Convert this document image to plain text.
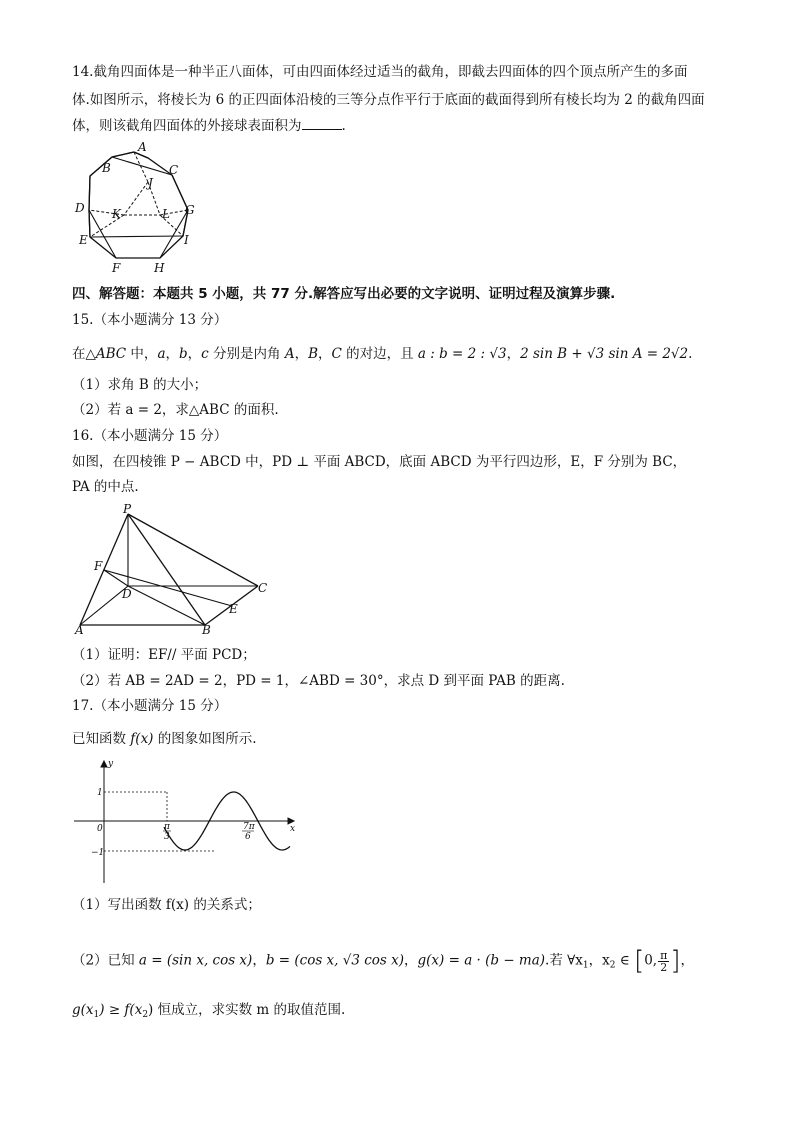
14.截角四面体是一种半正八面体，可由四面体经过适当的截角，即截去四面体的四个顶点所产生的多面
体.如图所示，将棱长为 6 的正四面体沿棱的三等分点作平行于底面的截面得到所有棱长均为 2 的截角四面
体，则该截角四面体的外接球表面积为	.
A
B	C
J
D K	L G
E	I
F	H
四、解答题：本题共 5 小题，共 77 分.解答应写出必要的文字说明、证明过程及演算步骤.
15.（本小题满分 13 分）
在△ABC 中，a，b，c 分别是内角 A，B，C 的对边，且 a : b = 2 : √3，2 sin B + √3 sin A = 2√2.
（1）求角 B 的大小；
（2）若 a = 2，求△ABC 的面积.
16.（本小题满分 15 分）
如图，在四棱锥 P − ABCD 中，PD ⊥ 平面 ABCD，底面 ABCD 为平行四边形，E，F 分别为 BC，
PA 的中点.
P
F
D	C
E
A	B
（1）证明：EF// 平面 PCD；
（2）若 AB = 2AD = 2，PD = 1，∠ABD = 30°，求点 D 到平面 PAB 的距离.
17.（本小题满分 15 分）
已知函数 f(x) 的图象如图所示.
y
x
0
1
−1
π
3
7π
6
（1）写出函数 f(x) 的关系式；
（2）已知 a = (sin x, cos x)，b = (cos x, √3 cos x)，g(x) = a · (b − ma).若 $\forall x_1$，$x_2$ ∈ [0, $\frac{\pi}{2}$ ]，
$g(x_1) \ge f(x_2)$ 恒成立，求实数 m 的取值范围.
